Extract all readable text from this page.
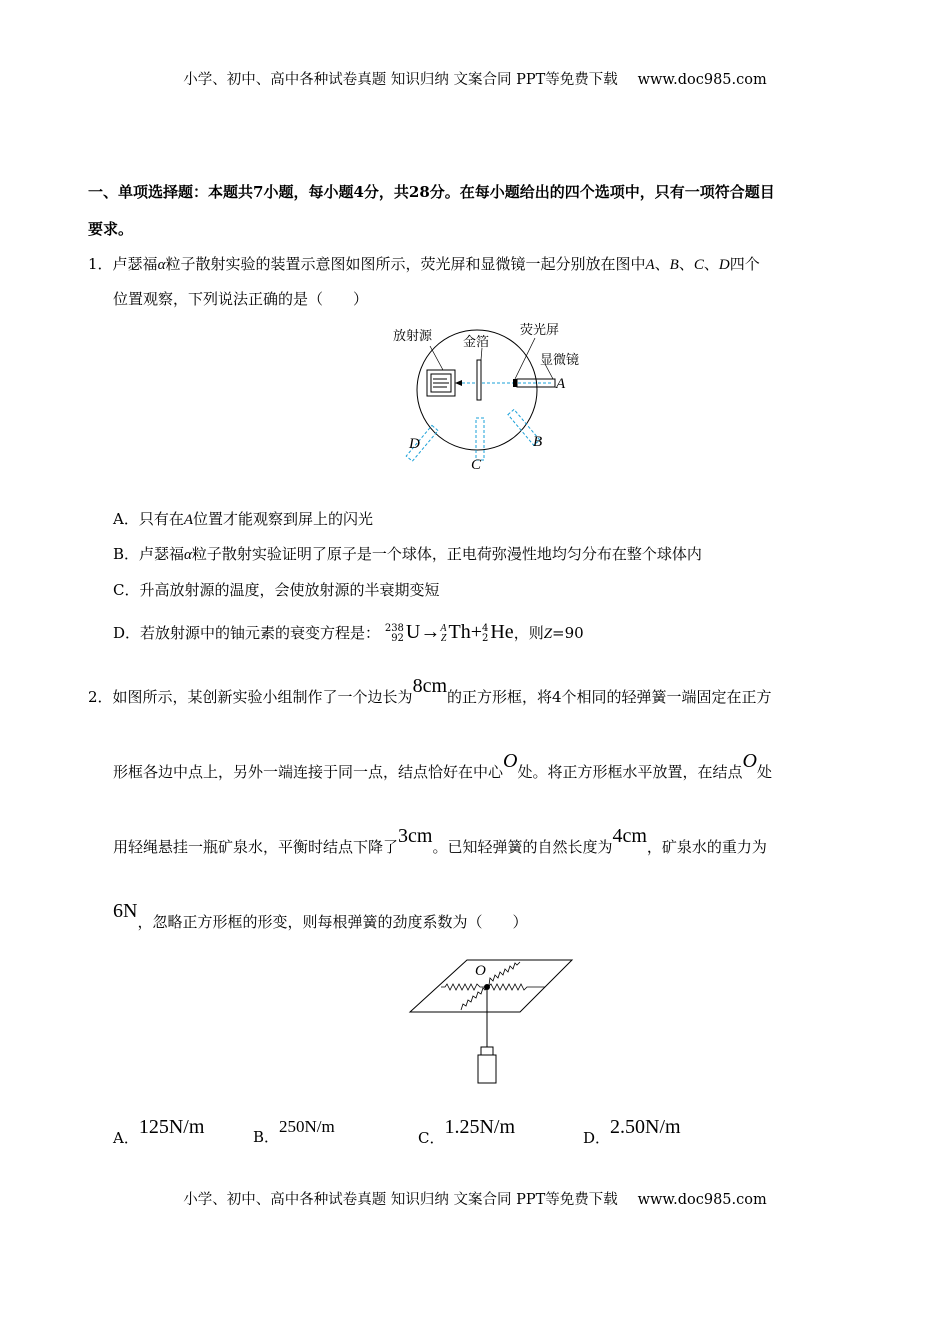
小学、初中、高中各种试卷真题 知识归纳 文案合同 PPT等免费下载 www.doc985.com
一、单项选择题：本题共7小题，每小题4分，共28分。在每小题给出的四个选项中，只有一项符合题目
要求。
1．卢瑟福α粒子散射实验的装置示意图如图所示，荧光屏和显微镜一起分别放在图中A、B、C、D四个
位置观察，下列说法正确的是（　　）
放射源 金箔
荧光屏
显微镜
A
B
C
D
A．只有在A位置才能观察到屏上的闪光
B．卢瑟福α粒子散射实验证明了原子是一个球体，正电荷弥漫性地均匀分布在整个球体内
C．升高放射源的温度，会使放射源的半衰期变短
D．若放射源中的铀元素的衰变方程是： 238
92 U→A
Z Th+4
2 He，则Z=90
2．如图所示，某创新实验小组制作了一个边长为8cm的正方形框，将4个相同的轻弹簧一端固定在正方
形框各边中点上，另外一端连接于同一点，结点恰好在中心O处。将正方形框水平放置，在结点O处
用轻绳悬挂一瓶矿泉水，平衡时结点下降了3cm。已知轻弹簧的自然长度为4cm，矿泉水的重力为
6N，忽略正方形框的形变，则每根弹簧的劲度系数为（　　）
O
A．125N/m	B．250N/m
C．1.25N/m	D．2.50N/m
小学、初中、高中各种试卷真题 知识归纳 文案合同 PPT等免费下载 www.doc985.com
